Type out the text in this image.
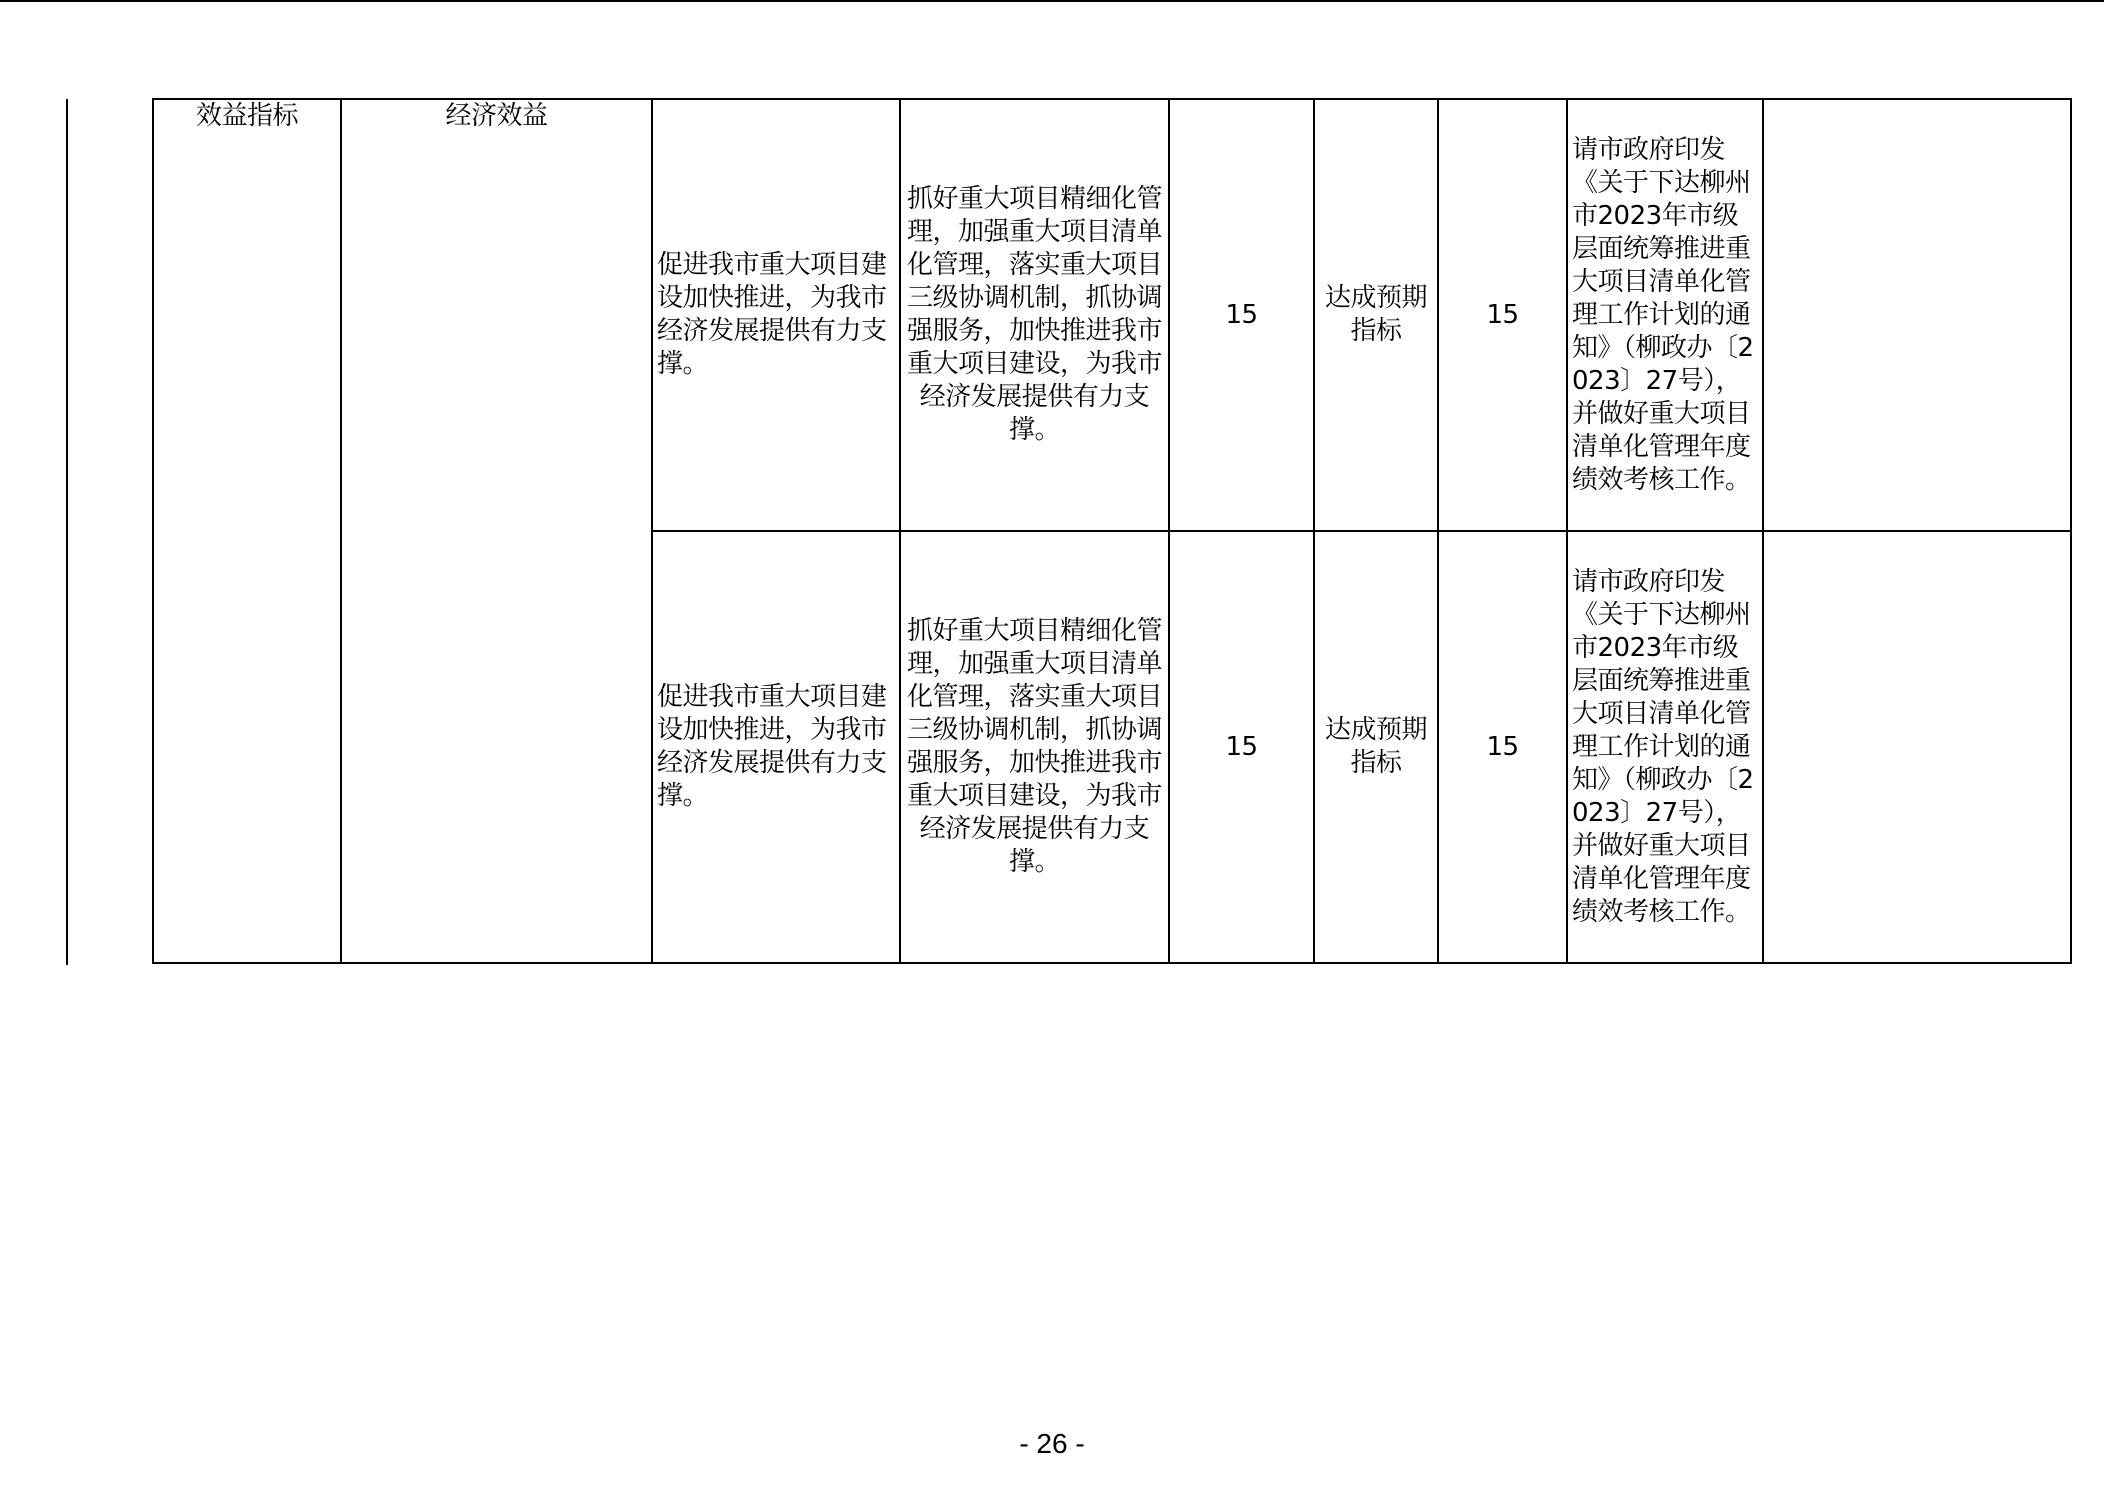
效益指标	经济效益	促进我市重大项目建设加快推进，为我市经济发展提供有力支撑。	抓好重大项目精细化管理，加强重大项目清单化管理，落实重大项目三级协调机制，抓协调强服务，加快推进我市重大项目建设，为我市经济发展提供有力支撑。	15	达成预期指标	15	请市政府印发《关于下达柳州市2023年市级层面统筹推进重大项目清单化管理工作计划的通知》（柳政办〔2023〕27号），并做好重大项目清单化管理年度绩效考核工作。	
		促进我市重大项目建设加快推进，为我市经济发展提供有力支撑。	抓好重大项目精细化管理，加强重大项目清单化管理，落实重大项目三级协调机制，抓协调强服务，加快推进我市重大项目建设，为我市经济发展提供有力支撑。	15	达成预期指标	15	请市政府印发《关于下达柳州市2023年市级层面统筹推进重大项目清单化管理工作计划的通知》（柳政办〔2023〕27号），并做好重大项目清单化管理年度绩效考核工作。	
- 26 -
